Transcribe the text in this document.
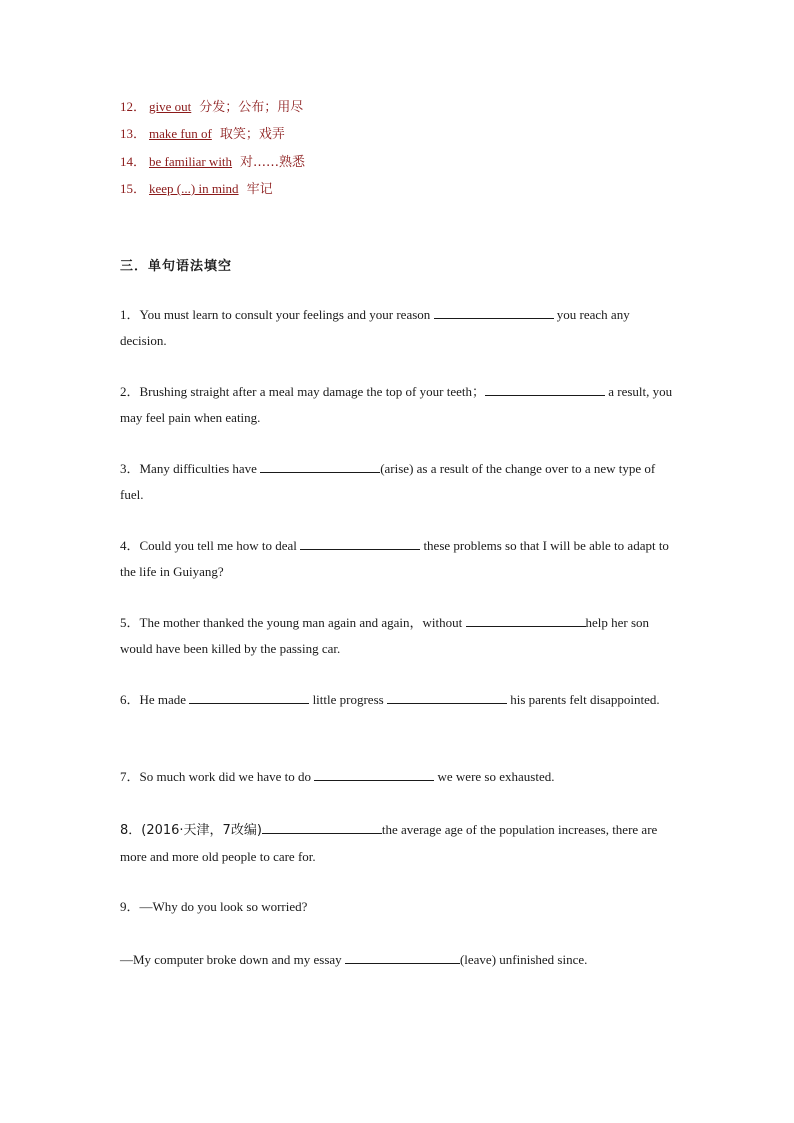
12． give out 分发；公布；用尽
13． make fun of 取笑；戏弄
14． be familiar with 对……熟悉
15． keep (...) in mind 牢记
三．单句语法填空
1．You must learn to consult your feelings and your reason	you reach any decision.
2．Brushing straight after a meal may damage the top of your teeth；	a result, you may feel pain when eating.
3．Many difficulties have	(arise) as a result of the change over to a new type of fuel.
4．Could you tell me how to deal	these problems so that I will be able to adapt to the life in Guiyang?
5．The mother thanked the young man again and again，without	help her son would have been killed by the passing car.
6．He made	little progress	his parents felt disappointed.
7．So much work did we have to do	we were so exhausted.
8．(2016·天津，7改编)	the average age of the population increases, there are more and more old people to care for.
9．—Why do you look so worried?
—My computer broke down and my essay	(leave) unfinished since.
